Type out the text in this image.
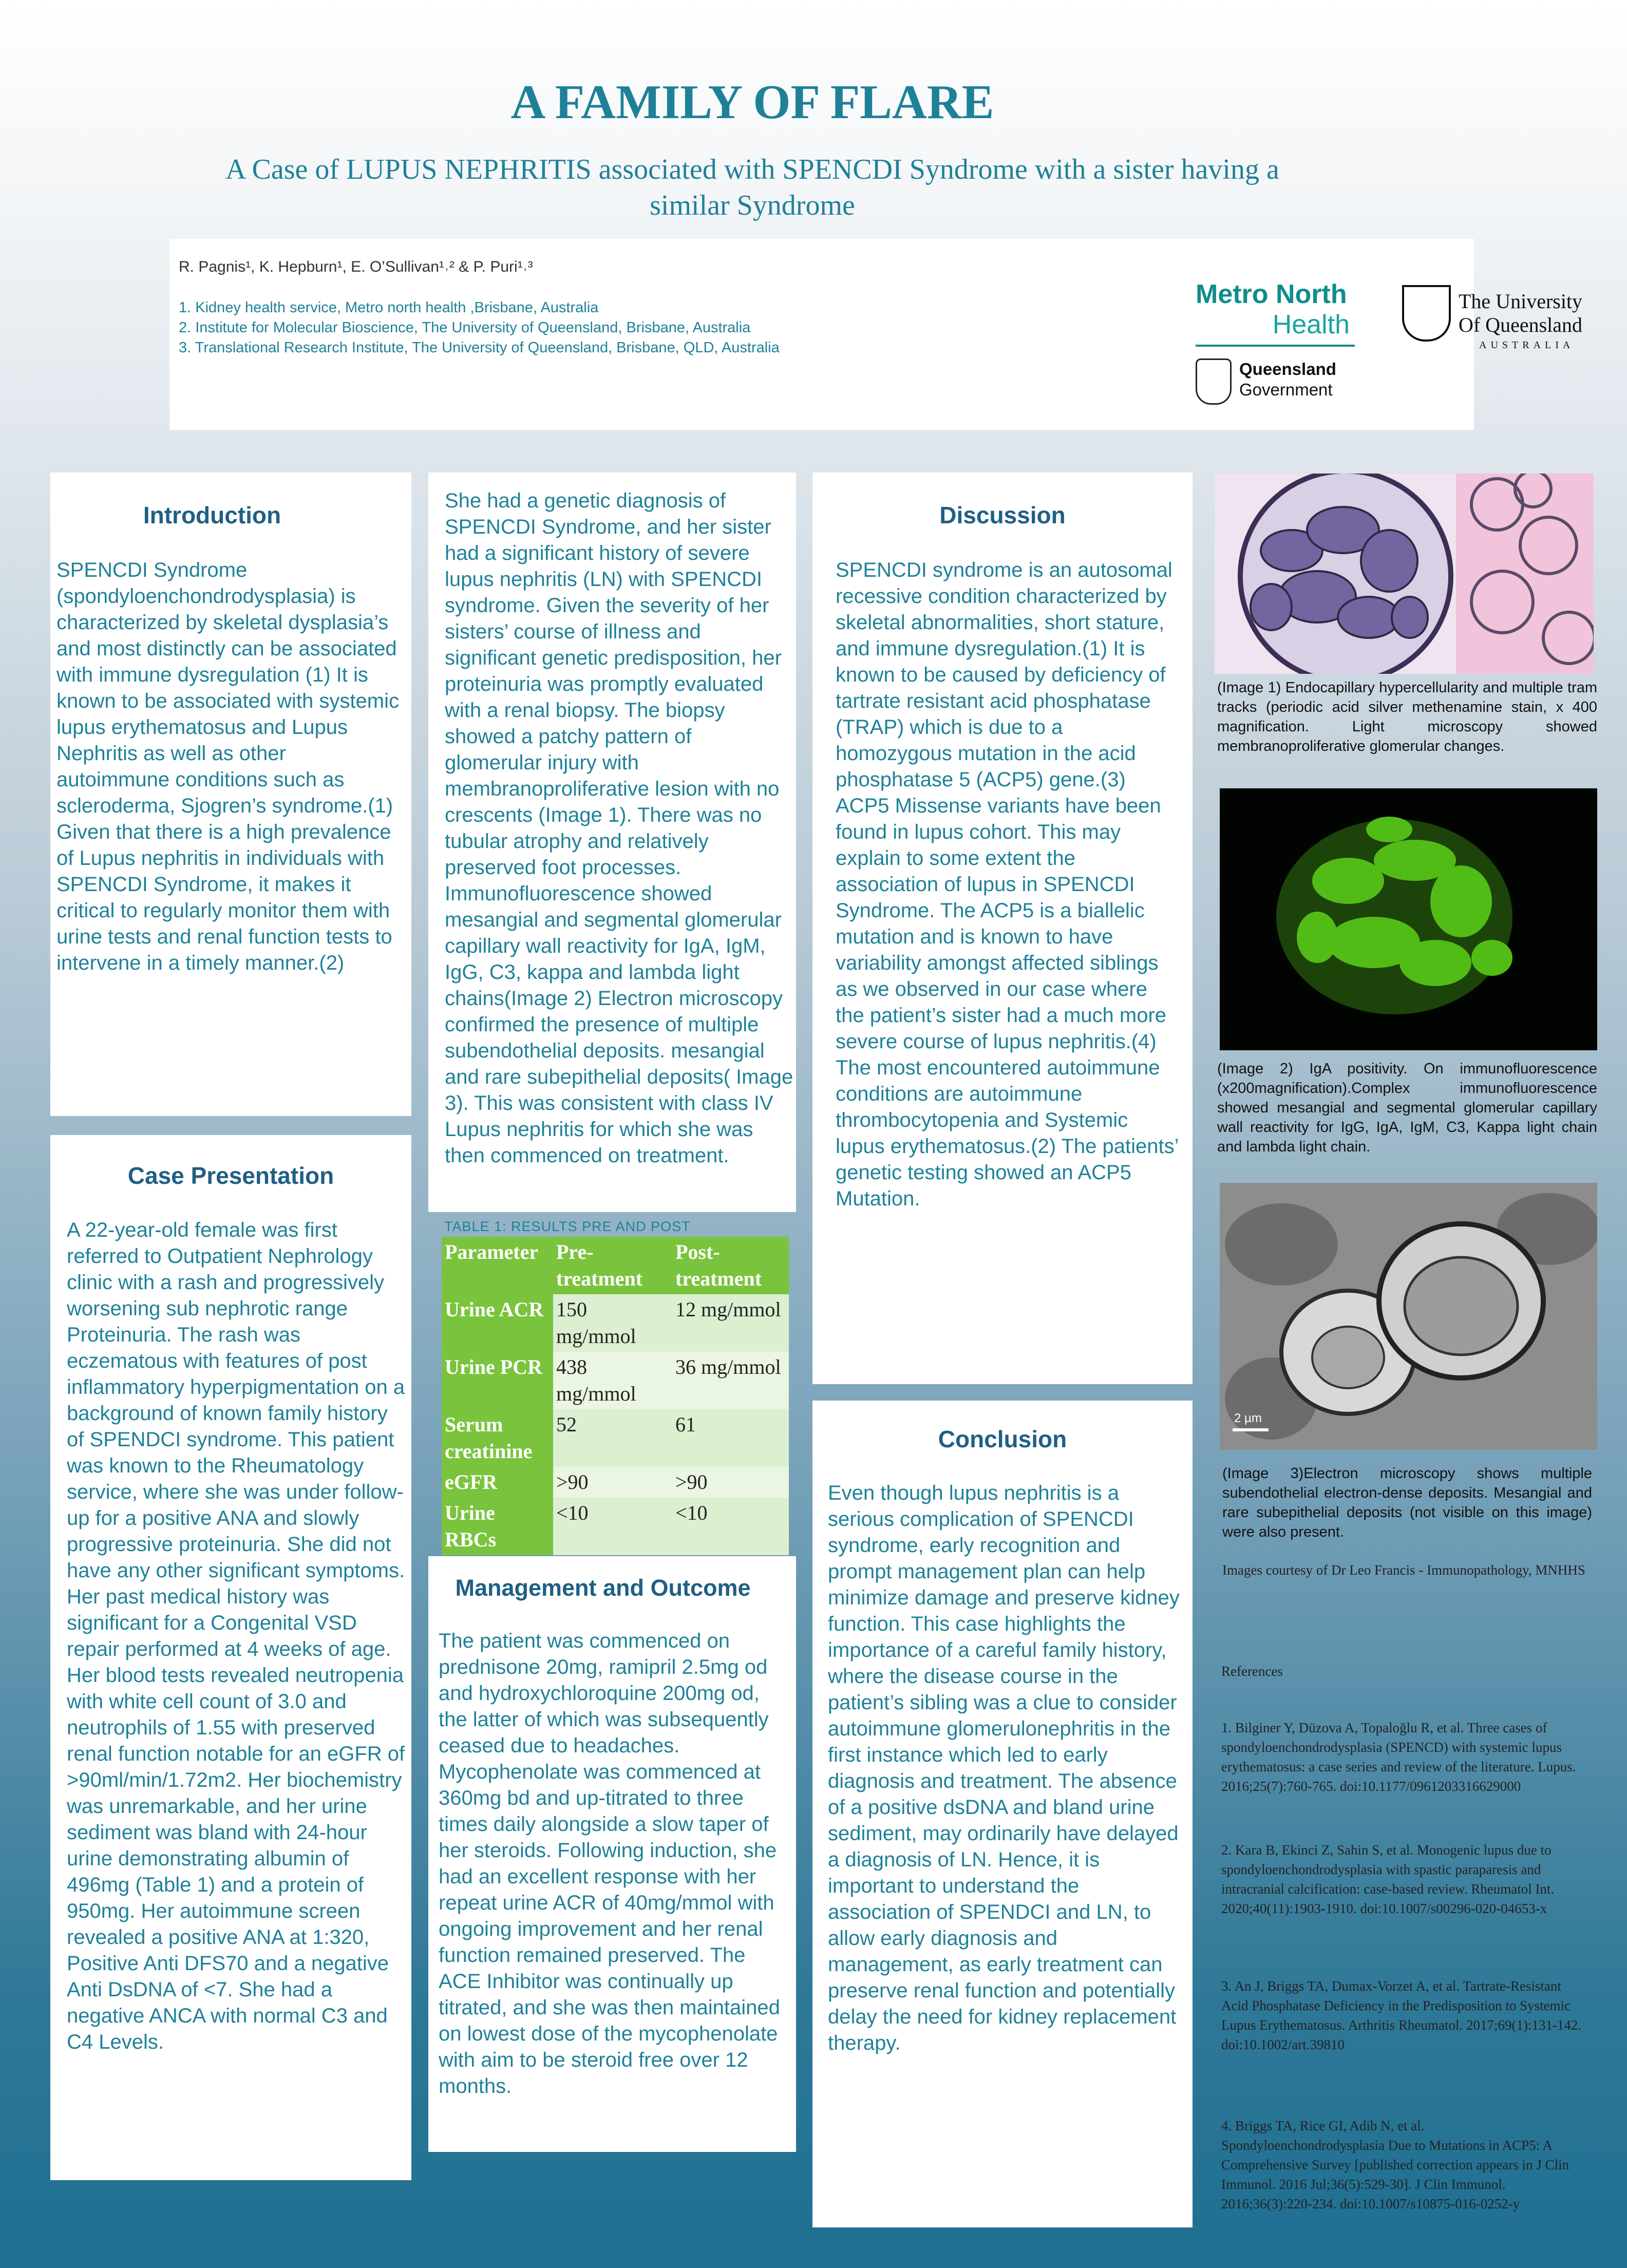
A FAMILY OF FLARE
A Case of LUPUS NEPHRITIS associated with SPENCDI Syndrome with a sister having a similar Syndrome
R. Pagnis¹, K. Hepburn¹, E. O’Sullivan¹˒² & P. Puri¹˒³
1. Kidney health service, Metro north health ,Brisbane, Australia
2. Institute for Molecular Bioscience, The University of Queensland, Brisbane, Australia
3. Translational Research Institute, The University of Queensland, Brisbane, QLD, Australia
Metro North
Health
Queensland
Government
The University
Of Queensland
AUSTRALIA
Introduction
SPENCDI Syndrome (spondyloenchondrodysplasia) is characterized by skeletal dysplasia’s and most distinctly can be associated with immune dysregulation (1) It is known to be associated with systemic lupus erythematosus and Lupus Nephritis as well as other autoimmune conditions such as scleroderma, Sjogren’s syndrome.(1) Given that there is a high prevalence of Lupus nephritis in individuals with SPENCDI Syndrome, it makes it critical to regularly monitor them with urine tests and renal function tests to intervene in a timely manner.(2)
Case Presentation
A 22-year-old female was first referred to Outpatient Nephrology clinic with a rash and progressively worsening sub nephrotic range Proteinuria. The rash was eczematous with features of post inflammatory hyperpigmentation on a background of known family history of SPENDCI syndrome. This patient was known to the Rheumatology service, where she was under follow-up for a positive ANA and slowly progressive proteinuria. She did not have any other significant symptoms. Her past medical history was significant for a Congenital VSD repair performed at 4 weeks of age. Her blood tests revealed neutropenia with white cell count of 3.0 and neutrophils of 1.55 with preserved renal function notable for an eGFR of >90ml/min/1.72m2. Her biochemistry was unremarkable, and her urine sediment was bland with 24-hour urine demonstrating albumin of 496mg (Table 1) and a protein of 950mg. Her autoimmune screen revealed a positive ANA at 1:320, Positive Anti DFS70 and a negative Anti DsDNA of <7. She had a negative ANCA with normal C3 and C4 Levels.
She had a genetic diagnosis of SPENCDI Syndrome, and her sister had a significant history of severe lupus nephritis (LN) with SPENCDI syndrome. Given the severity of her sisters’ course of illness and significant genetic predisposition, her proteinuria was promptly evaluated with a renal biopsy. The biopsy showed a patchy pattern of glomerular injury with membranoproliferative lesion with no crescents (Image 1). There was no tubular atrophy and relatively preserved foot processes. Immunofluorescence showed mesangial and segmental glomerular capillary wall reactivity for IgA, IgM, IgG, C3, kappa and lambda light chains(Image 2) Electron microscopy confirmed the presence of multiple subendothelial deposits. mesangial and rare subepithelial deposits( Image 3). This was consistent with class IV Lupus nephritis for which she was then commenced on treatment.
TABLE 1: RESULTS PRE AND POST
Parameter	Pre-treatment	Post-treatment
Urine ACR	150 mg/mmol	12 mg/mmol
Urine PCR	438 mg/mmol	36 mg/mmol
Serum creatinine	52	61
eGFR	>90	>90
Urine RBCs	<10	<10
Management and Outcome
The patient was commenced on prednisone 20mg, ramipril 2.5mg od and hydroxychloroquine 200mg od, the latter of which was subsequently ceased due to headaches. Mycophenolate was commenced at 360mg bd and up-titrated to three times daily alongside a slow taper of her steroids. Following induction, she had an excellent response with her repeat urine ACR of 40mg/mmol with ongoing improvement and her renal function remained preserved. The ACE Inhibitor was continually up titrated, and she was then maintained on lowest dose of the mycophenolate with aim to be steroid free over 12 months.
Discussion
SPENCDI syndrome is an autosomal recessive condition characterized by skeletal abnormalities, short stature, and immune dysregulation.(1) It is known to be caused by deficiency of tartrate resistant acid phosphatase (TRAP) which is due to a homozygous mutation in the acid phosphatase 5 (ACP5) gene.(3) ACP5 Missense variants have been found in lupus cohort. This may explain to some extent the association of lupus in SPENCDI Syndrome. The ACP5 is a biallelic mutation and is known to have variability amongst affected siblings as we observed in our case where the patient’s sister had a much more severe course of lupus nephritis.(4) The most encountered autoimmune conditions are autoimmune thrombocytopenia and Systemic lupus erythematosus.(2) The patients’ genetic testing showed an ACP5 Mutation.
Conclusion
Even though lupus nephritis is a serious complication of SPENCDI syndrome, early recognition and prompt management plan can help minimize damage and preserve kidney function. This case highlights the importance of a careful family history, where the disease course in the patient’s sibling was a clue to consider autoimmune glomerulonephritis in the first instance which led to early diagnosis and treatment. The absence of a positive dsDNA and bland urine sediment, may ordinarily have delayed a diagnosis of LN. Hence, it is important to understand the association of SPENDCI and LN, to allow early diagnosis and management, as early treatment can preserve renal function and potentially delay the need for kidney replacement therapy.
(Image 1) Endocapillary hypercellularity and multiple tram tracks (periodic acid silver methenamine stain, x 400 magnification. Light microscopy showed membranoproliferative glomerular changes.
(Image 2) IgA positivity. On immunofluorescence (x200magnification).Complex immunofluorescence showed mesangial and segmental glomerular capillary wall reactivity for IgG, IgA, IgM, C3, Kappa light chain and lambda light chain.
2 µm
(Image 3)Electron microscopy shows multiple subendothelial electron-dense deposits. Mesangial and rare subepithelial deposits (not visible on this image) were also present.
Images courtesy of Dr Leo Francis - Immunopathology, MNHHS
References
1. Bilginer Y, Düzova A, Topaloğlu R, et al. Three cases of spondyloenchondrodysplasia (SPENCD) with systemic lupus erythematosus: a case series and review of the literature. Lupus. 2016;25(7):760-765. doi:10.1177/0961203316629000
2. Kara B, Ekinci Z, Sahin S, et al. Monogenic lupus due to spondyloenchondrodysplasia with spastic paraparesis and intracranial calcification: case-based review. Rheumatol Int. 2020;40(11):1903-1910. doi:10.1007/s00296-020-04653-x
3. An J, Briggs TA, Dumax-Vorzet A, et al. Tartrate-Resistant Acid Phosphatase Deficiency in the Predisposition to Systemic Lupus Erythematosus. Arthritis Rheumatol. 2017;69(1):131-142. doi:10.1002/art.39810
4. Briggs TA, Rice GI, Adib N, et al. Spondyloenchondrodysplasia Due to Mutations in ACP5: A Comprehensive Survey [published correction appears in J Clin Immunol. 2016 Jul;36(5):529-30]. J Clin Immunol. 2016;36(3):220-234. doi:10.1007/s10875-016-0252-y
